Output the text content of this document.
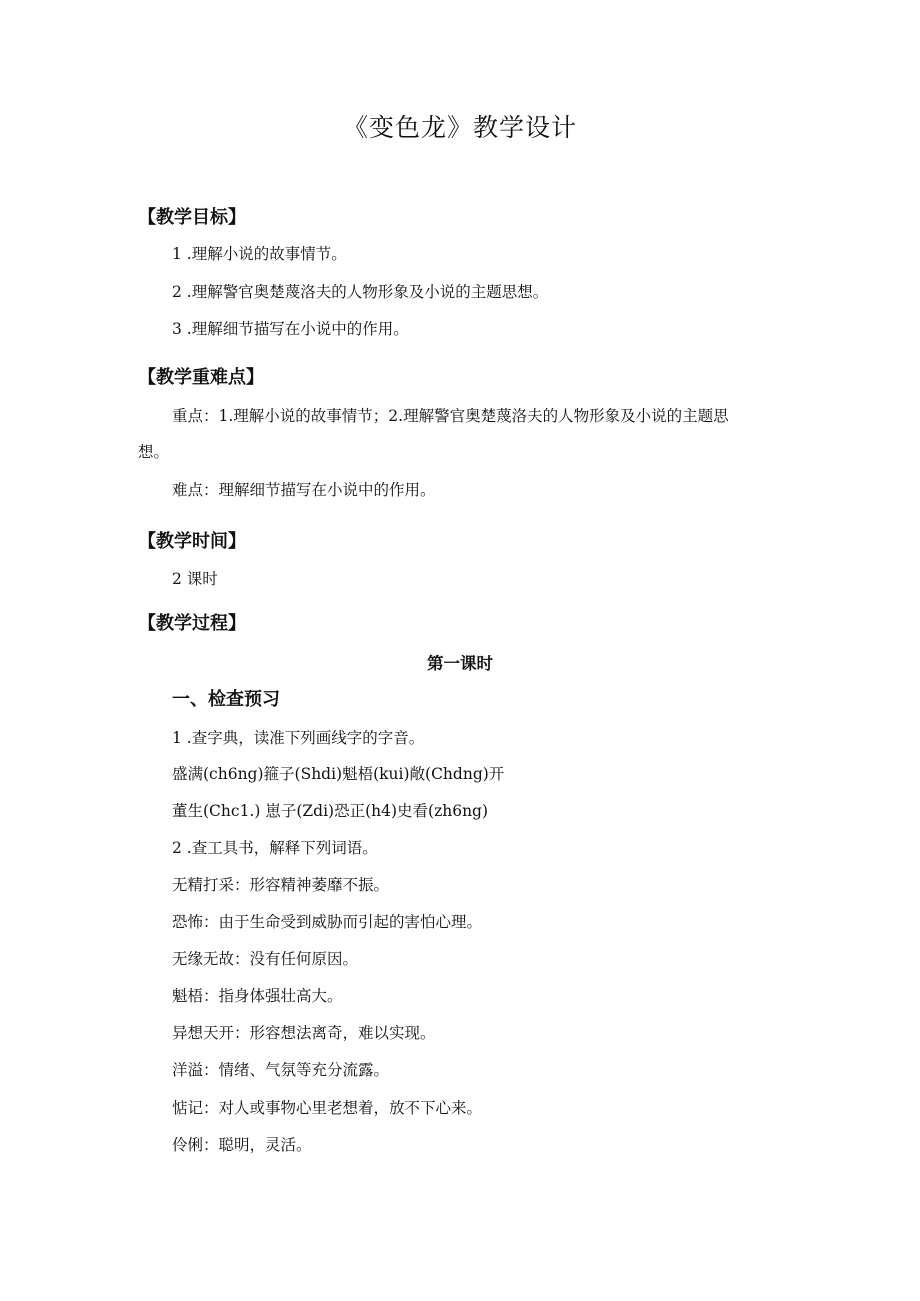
《变色龙》教学设计
【教学目标】
1 .理解小说的故事情节。
2 .理解警官奥楚蔑洛夫的人物形象及小说的主题思想。
3 .理解细节描写在小说中的作用。
【教学重难点】
重点：1.理解小说的故事情节；2.理解警官奥楚蔑洛夫的人物形象及小说的主题思
想。
难点：理解细节描写在小说中的作用。
【教学时间】
2 课时
【教学过程】
第一课时
一、检查预习
1 .查字典，读准下列画线字的字音。
盛满(ch6ng)箍子(Shdi)魁梧(kui)敞(Chdng)开
董生(Chc1.) 崽子(Zdi)恐正(h4)史看(zh6ng)
2 .查工具书，解释下列词语。
无精打采：形容精神萎靡不振。
恐怖：由于生命受到威胁而引起的害怕心理。
无缘无故：没有任何原因。
魁梧：指身体强壮高大。
异想天开：形容想法离奇，难以实现。
洋溢：情绪、气氛等充分流露。
惦记：对人或事物心里老想着，放不下心来。
伶俐：聪明，灵活。
